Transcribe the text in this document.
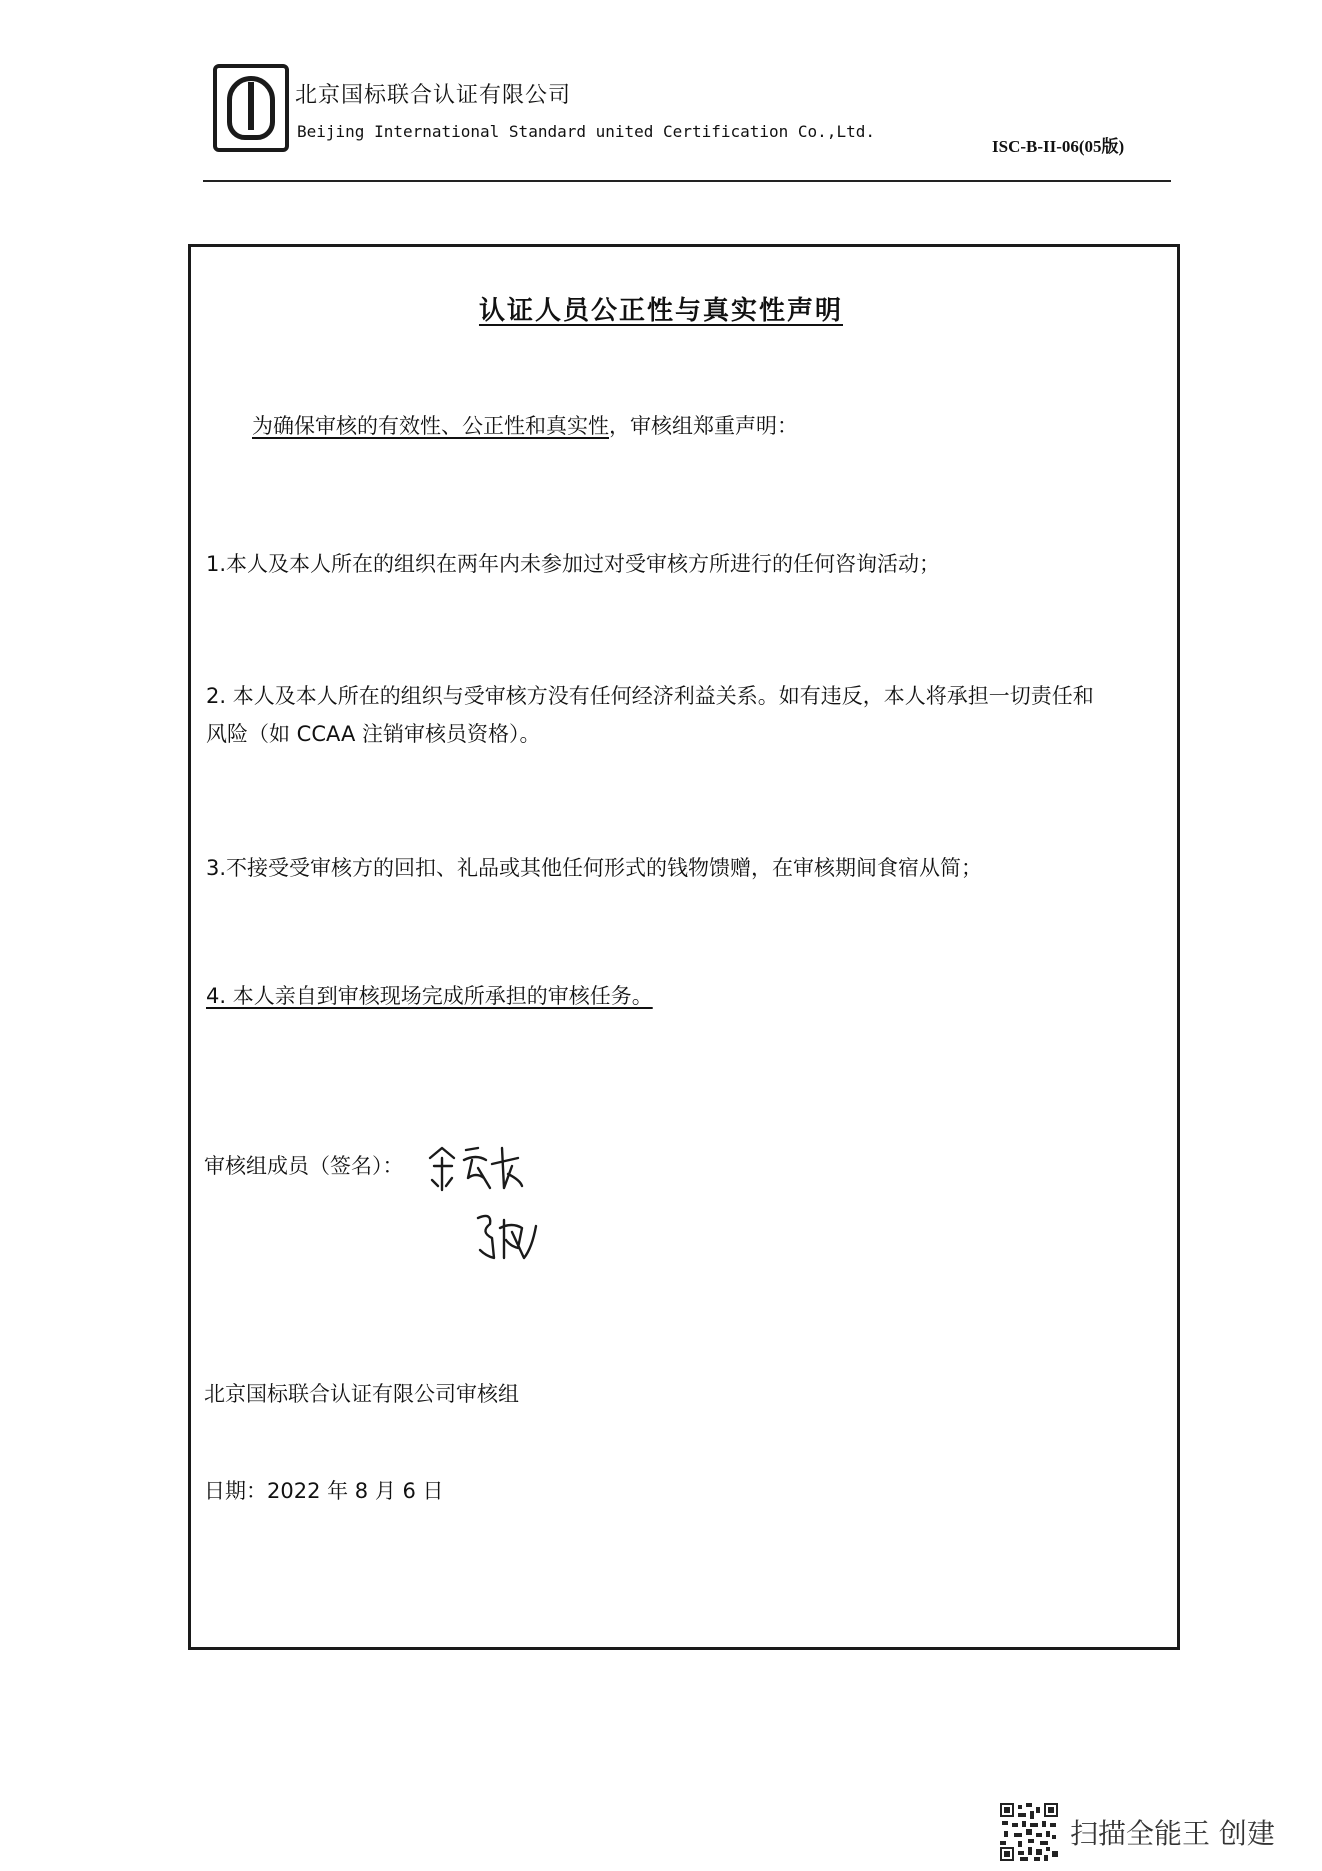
北京国标联合认证有限公司
Beijing International Standard united Certification Co.,Ltd.
ISC-B-II-06(05版)
认证人员公正性与真实性声明
为确保审核的有效性、公正性和真实性，审核组郑重声明：
1.本人及本人所在的组织在两年内未参加过对受审核方所进行的任何咨询活动；
2. 本人及本人所在的组织与受审核方没有任何经济利益关系。如有违反，本人将承担一切责任和
风险（如 CCAA 注销审核员资格）。
3.不接受受审核方的回扣、礼品或其他任何形式的钱物馈赠，在审核期间食宿从简；
4. 本人亲自到审核现场完成所承担的审核任务。
审核组成员（签名）：
北京国标联合认证有限公司审核组
日期：2022 年 8 月 6 日
扫描全能王 创建
